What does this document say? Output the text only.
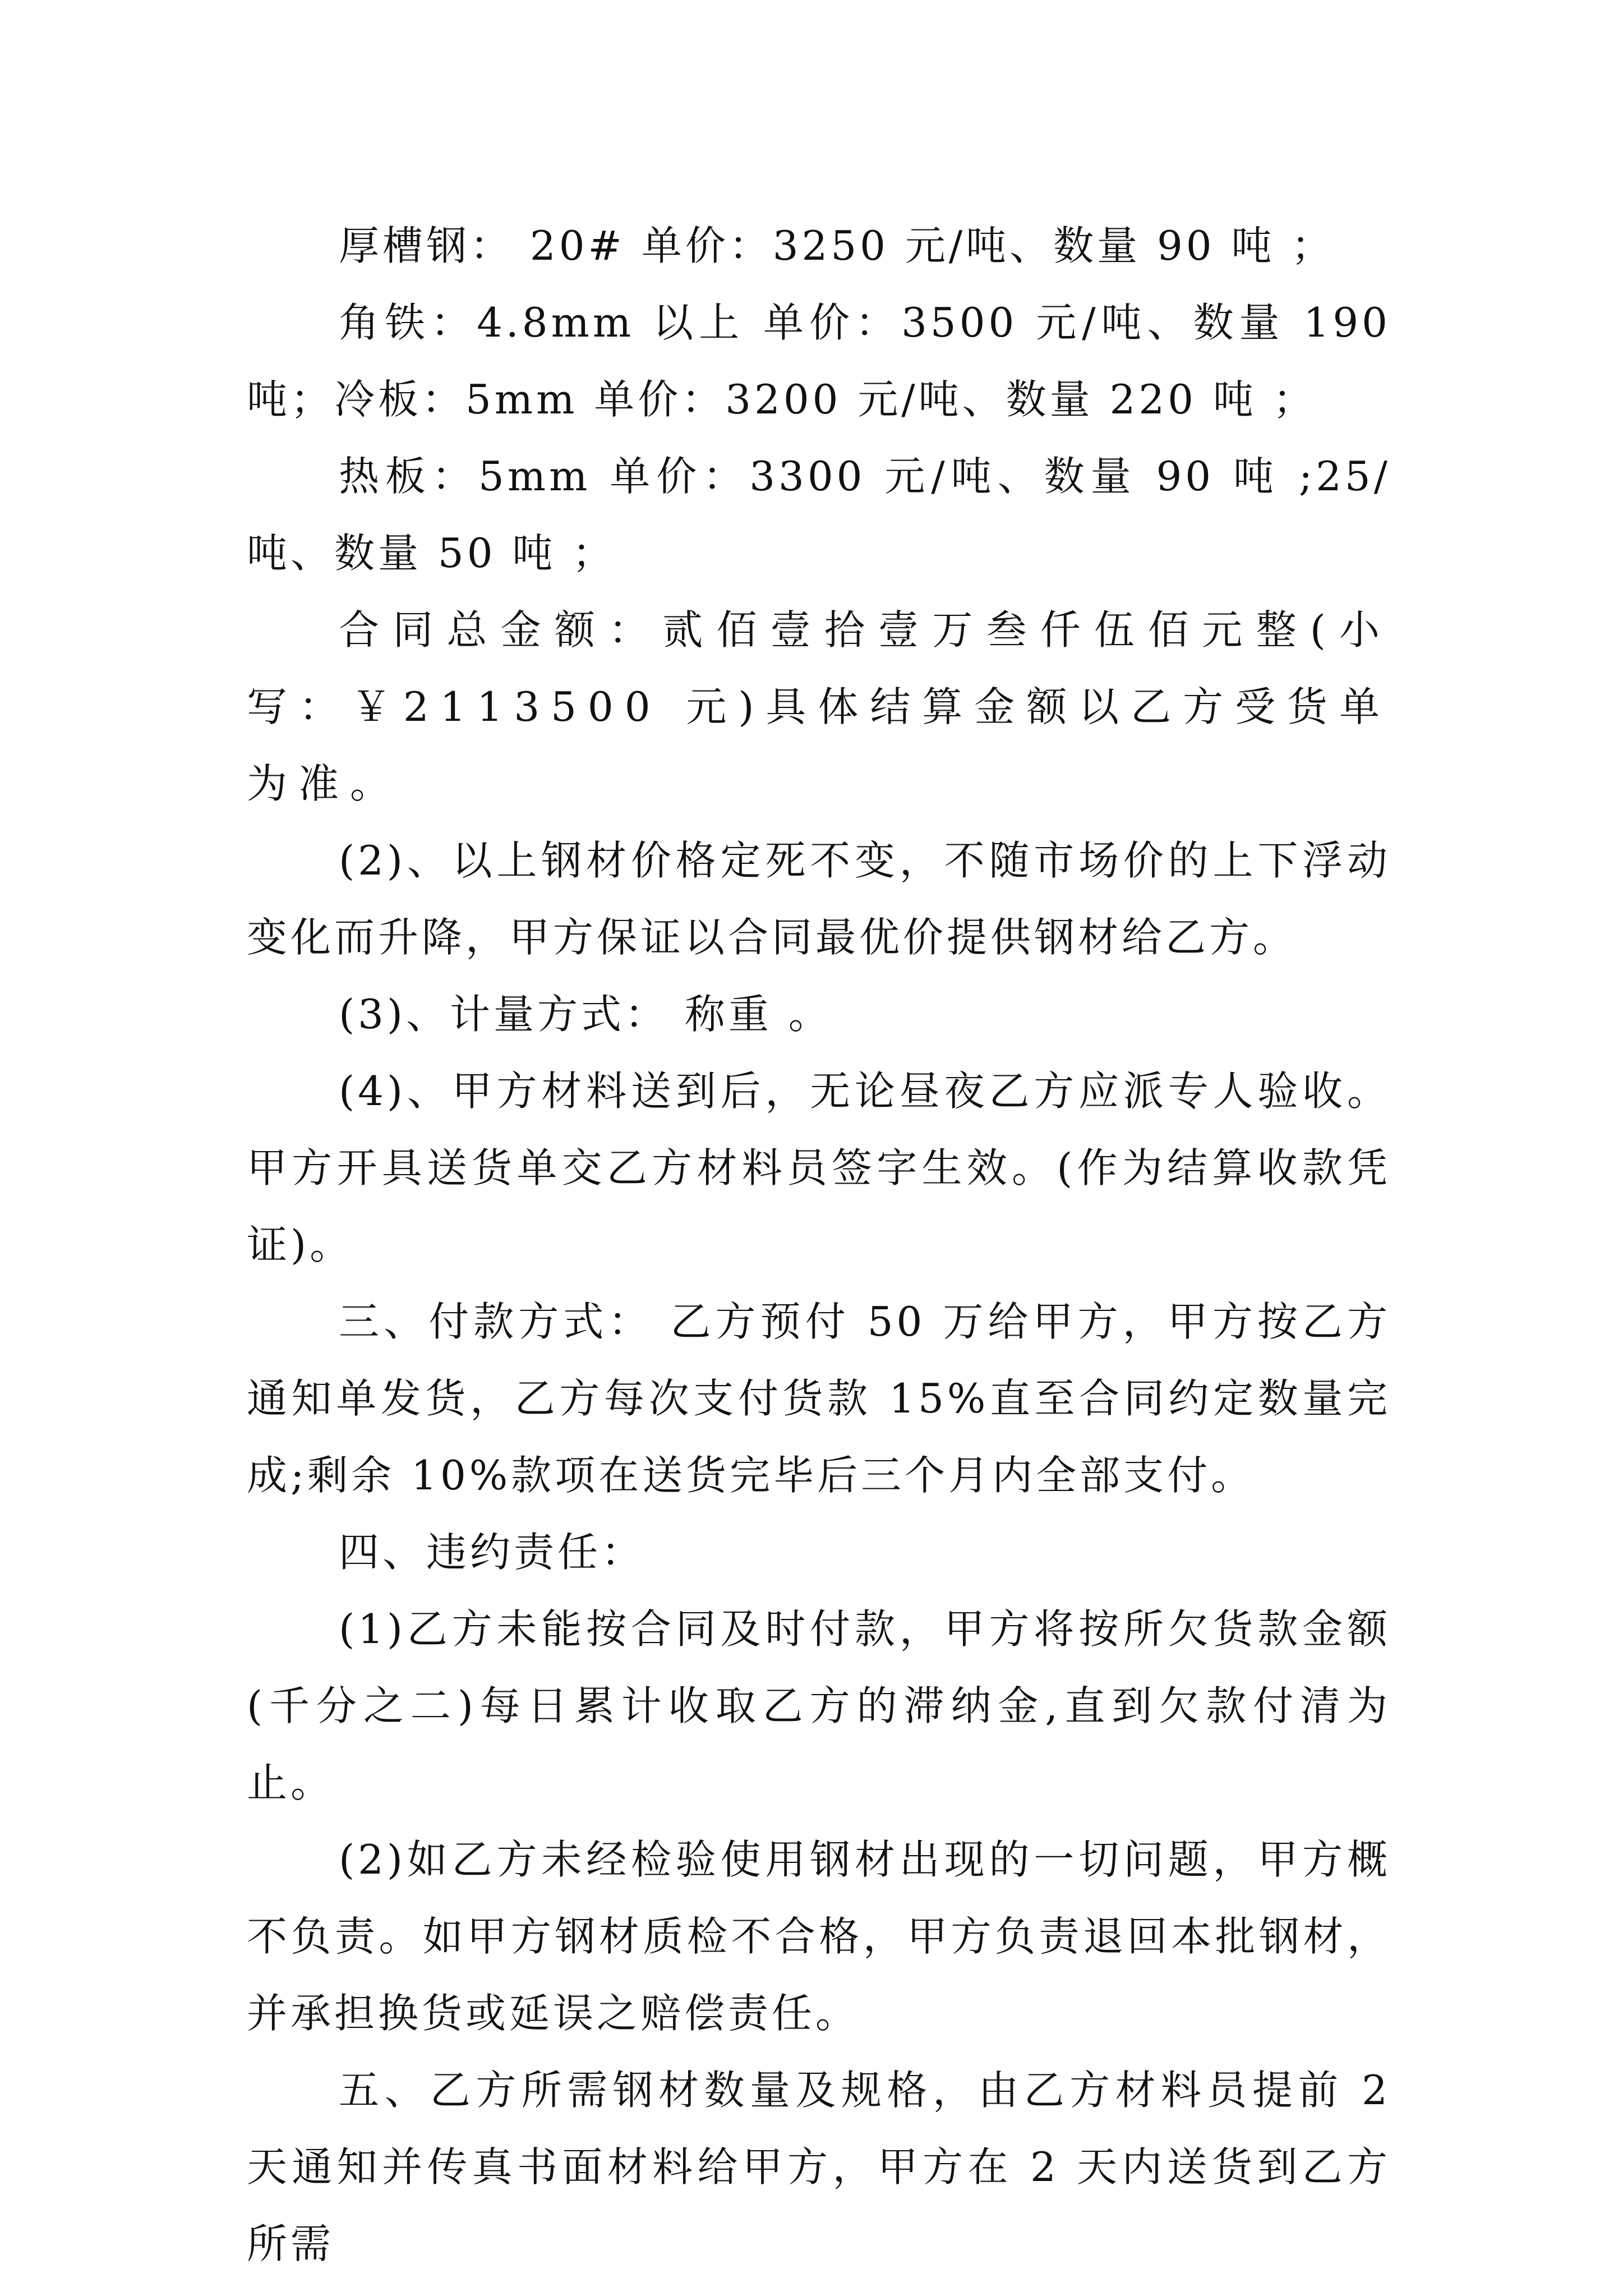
厚槽钢： 20# 单价：3250 元/吨、数量 90 吨 ；

角铁：4.8mm 以上 单价：3500 元/吨、数量 190 吨；冷板：5mm 单价：3200 元/吨、数量 220 吨 ；

热板：5mm 单价：3300 元/吨、数量 90 吨 ;25/吨、数量 50 吨 ；

合同总金额：贰佰壹拾壹万叁仟伍佰元整(小写：￥2113500 元)具体结算金额以乙方受货单为准。

(2)、以上钢材价格定死不变，不随市场价的上下浮动变化而升降，甲方保证以合同最优价提供钢材给乙方。

(3)、计量方式： 称重 。

(4)、甲方材料送到后，无论昼夜乙方应派专人验收。甲方开具送货单交乙方材料员签字生效。(作为结算收款凭证)。

三、付款方式： 乙方预付 50 万给甲方，甲方按乙方通知单发货，乙方每次支付货款 15%直至合同约定数量完成;剩余 10%款项在送货完毕后三个月内全部支付。

四、违约责任：

(1)乙方未能按合同及时付款，甲方将按所欠货款金额(千分之二)每日累计收取乙方的滞纳金,直到欠款付清为止。

(2)如乙方未经检验使用钢材出现的一切问题，甲方概不负责。如甲方钢材质检不合格，甲方负责退回本批钢材，并承担换货或延误之赔偿责任。

五、乙方所需钢材数量及规格，由乙方材料员提前 2 天通知并传真书面材料给甲方，甲方在 2 天内送货到乙方所需
